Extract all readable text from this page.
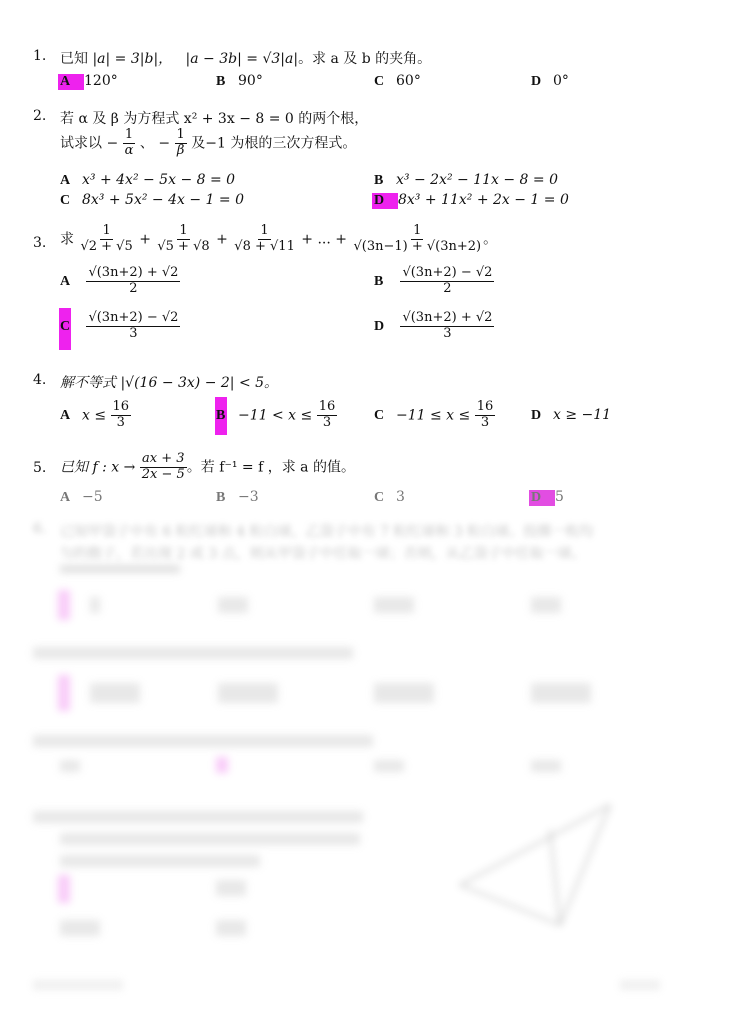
1. 已知 |a| = 3|b|， |a − 3b| = √3|a|。求 a 及 b 的夹角。
A 120°	B 90°	C 60°	D 0°
2. 若 α 及 β 为方程式 x² + 3x − 8 = 0 的两个根，
试求以 − $\frac{1}{\alpha}$ 、 − $\frac{1}{\beta}$ 及−1 为根的三次方程式。
A x³ + 4x² − 5x − 8 = 0	B x³ − 2x² − 11x − 8 = 0
C 8x³ + 5x² − 4x − 1 = 0	D 8x³ + 11x² + 2x − 1 = 0
3. 求 $\frac{1}{√2 + √5} + \frac{1}{√5 + √8} + \frac{1}{√8 + √11}$ + ... + $\frac{1}{√(3n-1) + √(3n+2)}$ 。
A $\frac{√(3n+2) + √2}{2}$	B $\frac{√(3n+2) - √2}{2}$
C $\frac{√(3n+2) - √2}{3}$	D $\frac{√(3n+2) + √2}{3}$
4. 解不等式 |√(16 − 3x) − 2| < 5。
A $x \le \frac{16}{3}$	$B -11 < x \le \frac{16}{3}$	$C -11 \le x \le \frac{16}{3}$	D x ≥ −11
5. 已知 f : $x \to \frac{ax + 3}{2x - 5}$ 。若 f⁻¹ = f ，求 a 的值。
A −5	B −3	C 3	D 5
6. 已知甲袋子中有 6 粒红球和 4 粒白球，乙袋子中有 7 粒红球和 3 粒白球。投掷一枚均
匀的骰子，若出现 2 或 3 点，则从甲袋子中任取一球；否则，从乙袋子中任取一球。
